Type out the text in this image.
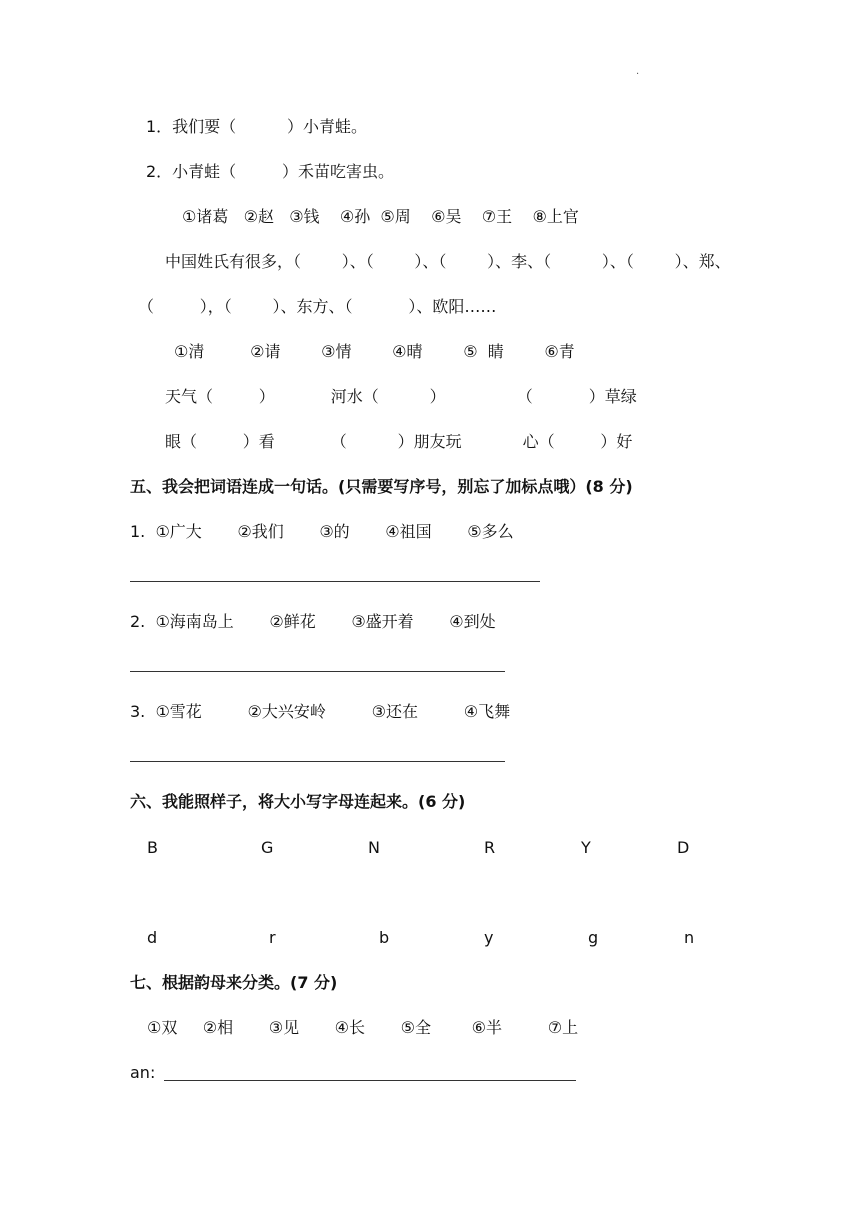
.
1．我们要（          ）小青蛙。
2．小青蛙（         ）禾苗吃害虫。
①诸葛   ②赵   ③钱    ④孙  ⑤周    ⑥吴    ⑦王    ⑧上官
中国姓氏有很多，（        ）、（        ）、（        ）、李、（          ）、（        ）、郑、
（         ），（        ）、东方、（           ）、欧阳……
①清         ②请        ③情        ④晴        ⑤  睛        ⑥青
天气（         ）           河水（          ）              （           ）草绿
眼（         ）看           （          ）朋友玩            心（         ）好
五、我会把词语连成一句话。(只需要写序号，别忘了加标点哦）(8 分)
1.  ①广大       ②我们       ③的       ④祖国       ⑤多么
2.  ①海南岛上       ②鲜花       ③盛开着       ④到处
3.  ①雪花         ②大兴安岭         ③还在         ④飞舞
六、我能照样子，将大小写字母连起来。(6 分)
B	G	N	R	Y	D
d	r	b	y	g	n
七、根据韵母来分类。(7 分)
①双     ②相       ③见       ④长       ⑤全        ⑥半         ⑦上
an:
